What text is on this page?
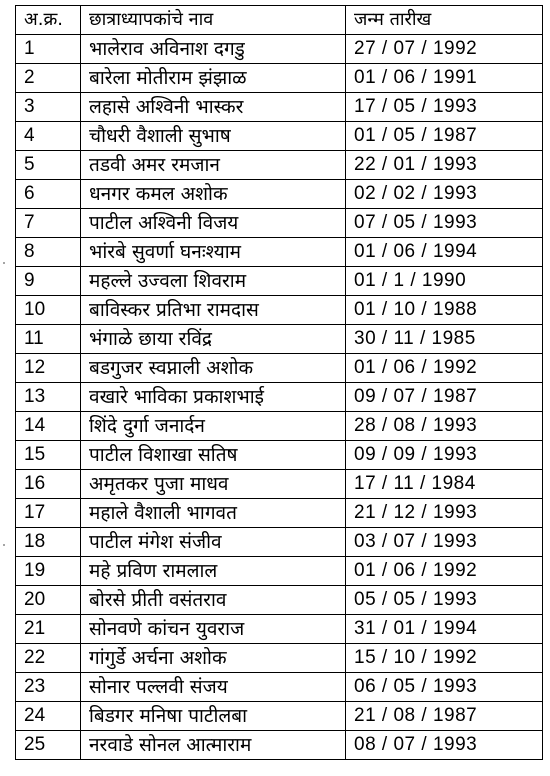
अ.क्र.	छात्राध्यापकांचे नाव	जन्म तारीख
1	भालेराव अविनाश दगडु	27 / 07 / 1992
2	बारेला मोतीराम झंझाळ	01 / 06 / 1991
3	लहासे अश्विनी भास्कर	17 / 05 / 1993
4	चौधरी वैशाली सुभाष	01 / 05 / 1987
5	तडवी अमर रमजान	22 / 01 / 1993
6	धनगर कमल अशोक	02 / 02 / 1993
7	पाटील अश्विनी विजय	07 / 05 / 1993
8	भांरबे सुवर्णा घनःश्याम	01 / 06 / 1994
9	महल्ले उज्वला शिवराम	01 / 1 / 1990
10	बाविस्कर प्रतिभा रामदास	01 / 10 / 1988
11	भंगाळे छाया रविंद्र	30 / 11 / 1985
12	बडगुजर स्वप्नाली अशोक	01 / 06 / 1992
13	वखारे भाविका प्रकाशभाई	09 / 07 / 1987
14	शिंदे दुर्गा जनार्दन	28 / 08 / 1993
15	पाटील विशाखा सतिष	09 / 09 / 1993
16	अमृतकर पुजा माधव	17 / 11 / 1984
17	महाले वैशाली भागवत	21 / 12 / 1993
18	पाटील मंगेश संजीव	03 / 07 / 1993
19	महे प्रविण रामलाल	01 / 06 / 1992
20	बोरसे प्रीती वसंतराव	05 / 05 / 1993
21	सोनवणे कांचन युवराज	31 / 01 / 1994
22	गांगुर्डे अर्चना अशोक	15 / 10 / 1992
23	सोनार पल्लवी संजय	06 / 05 / 1993
24	बिडगर मनिषा पाटीलबा	21 / 08 / 1987
25	नरवाडे सोनल आत्माराम	08 / 07 / 1993
